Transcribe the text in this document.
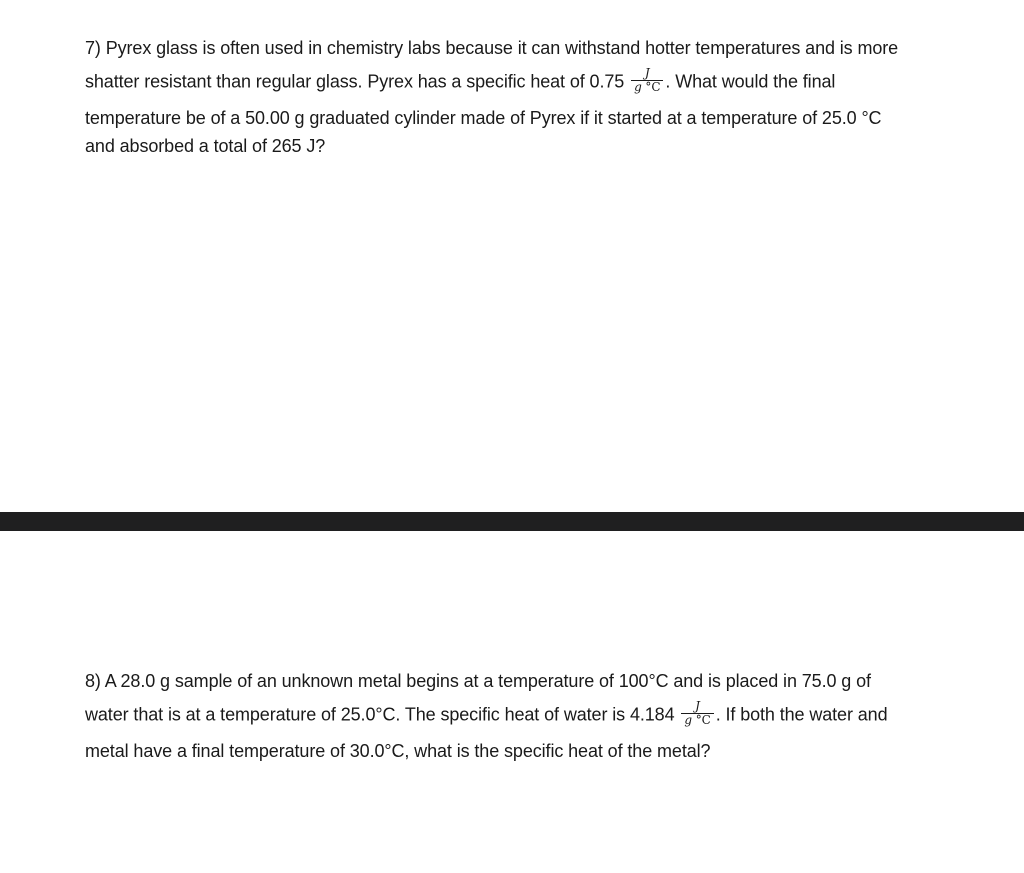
7) Pyrex glass is often used in chemistry labs because it can withstand hotter temperatures and is more
shatter resistant than regular glass. Pyrex has a specific heat of $0.75 \frac{J}{g ^\circ C}$ . What would the final
temperature be of a 50.00 g graduated cylinder made of Pyrex if it started at a temperature of 25.0 °C
and absorbed a total of 265 J?
8) A 28.0 g sample of an unknown metal begins at a temperature of 100°C and is placed in 75.0 g of
water that is at a temperature of 25.0°C. The specific heat of water is $4.184 \frac{J}{g ^\circ C}$ . If both the water and
metal have a final temperature of 30.0°C, what is the specific heat of the metal?
